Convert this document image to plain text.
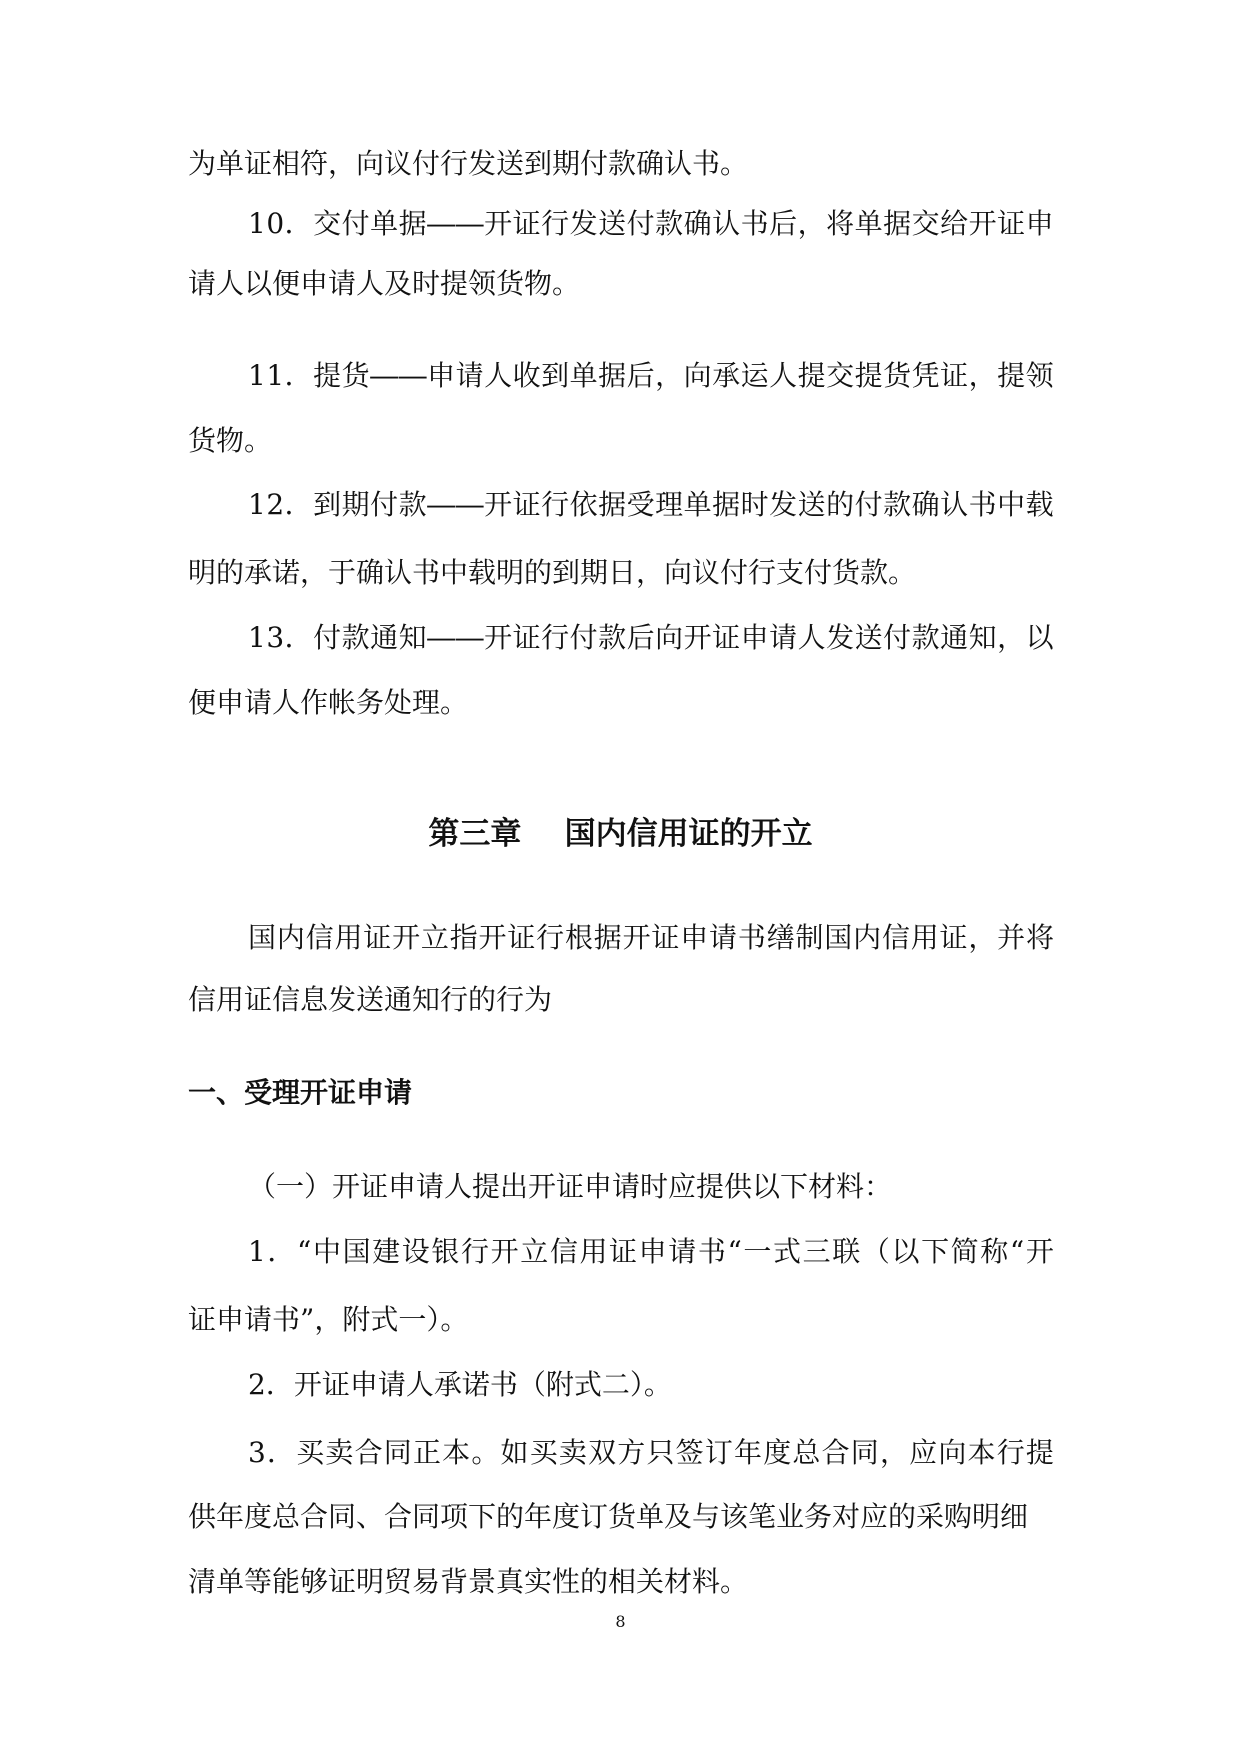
为单证相符，向议付行发送到期付款确认书。

1 0 ． 交 付 单 据 ― ― 开 证 行 发 送 付 款 确 认 书 后 ， 将 单 据 交 给 开 证 申

请人以便申请人及时提领货物。

1 1 ． 提 货 ― ― 申 请 人 收 到 单 据 后 ， 向 承 运 人 提 交 提 货 凭 证 ， 提 领

货物。

1 2 ． 到 期 付 款 ― ― 开 证 行 依 据 受 理 单 据 时 发 送 的 付 款 确 认 书 中 载

明的承诺，于确认书中载明的到期日，向议付行支付货款。

1 3 ． 付 款 通 知 ― ― 开 证 行 付 款 后 向 开 证 申 请 人 发 送 付 款 通 知 ， 以

便申请人作帐务处理。

第三章    国内信用证的开立

国 内 信 用 证 开 立 指 开 证 行 根 据 开 证 申 请 书 缮 制 国 内 信 用 证 ， 并 将

信用证信息发送通知行的行为

一、受理开证申请

（一）开证申请人提出开证申请时应提供以下材料：

1 ． “ 中 国 建 设 银 行 开 立 信 用 证 申 请 书 “ 一 式 三 联 （ 以 下 简 称 “ 开

证申请书”，附式一）。

2．开证申请人承诺书（附式二）。

3 ． 买 卖 合 同 正 本 。 如 买 卖 双 方 只 签 订 年 度 总 合 同 ， 应 向 本 行 提

供年度总合同、合同项下的年度订货单及与该笔业务对应的采购明细

清单等能够证明贸易背景真实性的相关材料。

8
